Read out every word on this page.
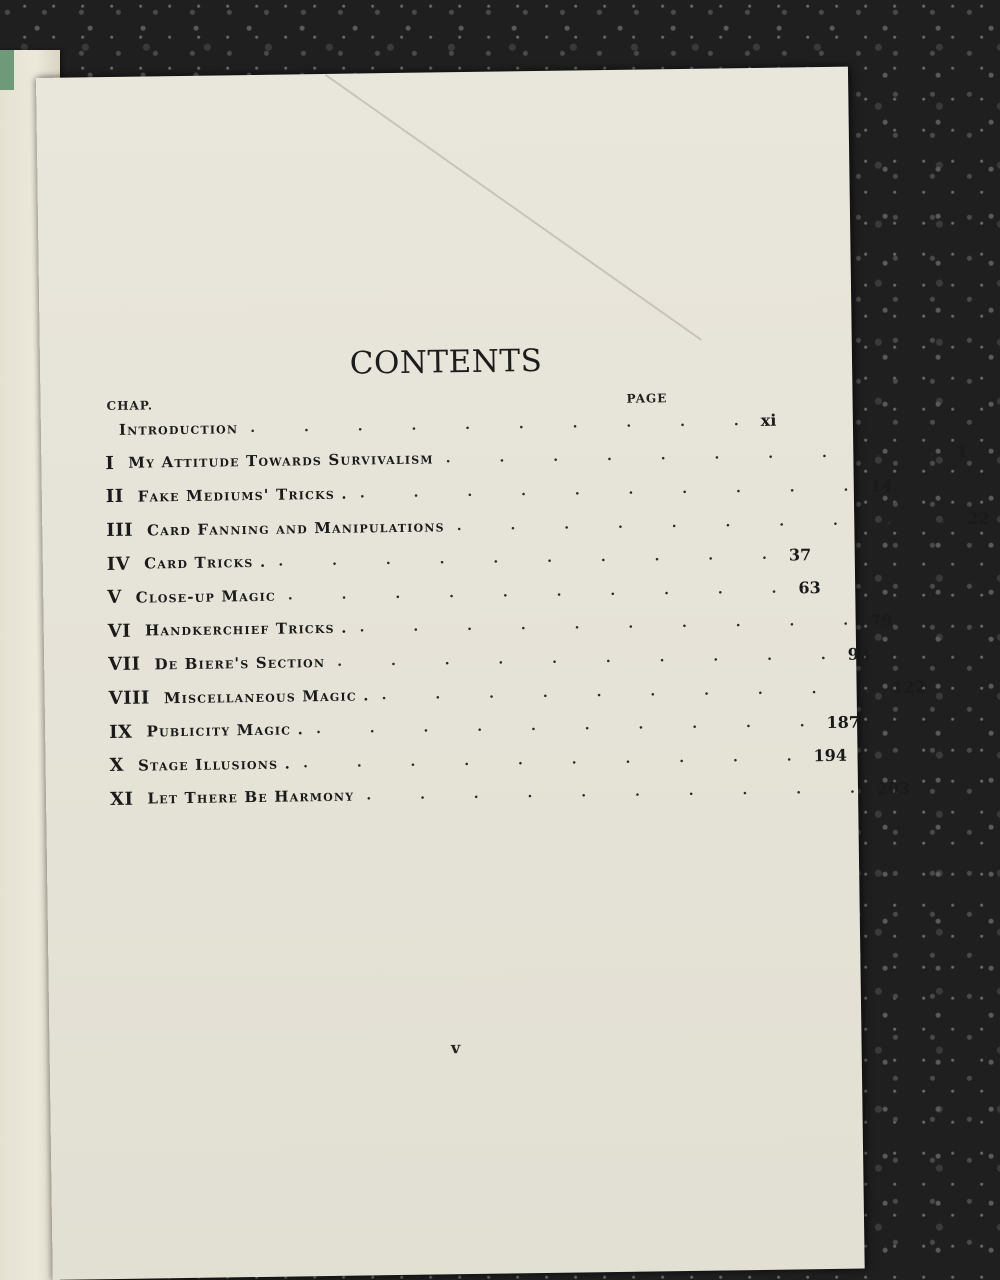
CONTENTS
CHAP.	PAGE
Introduction . . . . . . . . . . xi
I My Attitude Towards Survivalism . . . . . . . . . . 1
II Fake Mediums' Tricks . . . . . . . . . . . 14
III Card Fanning and Manipulations . . . . . . . . . . 22
IV Card Tricks . . . . . . . . . . . 37
V Close-up Magic . . . . . . . . . . 63
VI Handkerchief Tricks . . . . . . . . . . . 79
VII De Biere's Section . . . . . . . . . . 93
VIII Miscellaneous Magic . . . . . . . . . . . 122
IX Publicity Magic . . . . . . . . . . . 187
X Stage Illusions . . . . . . . . . . . 194
XI Let There Be Harmony . . . . . . . . . . 203
v
